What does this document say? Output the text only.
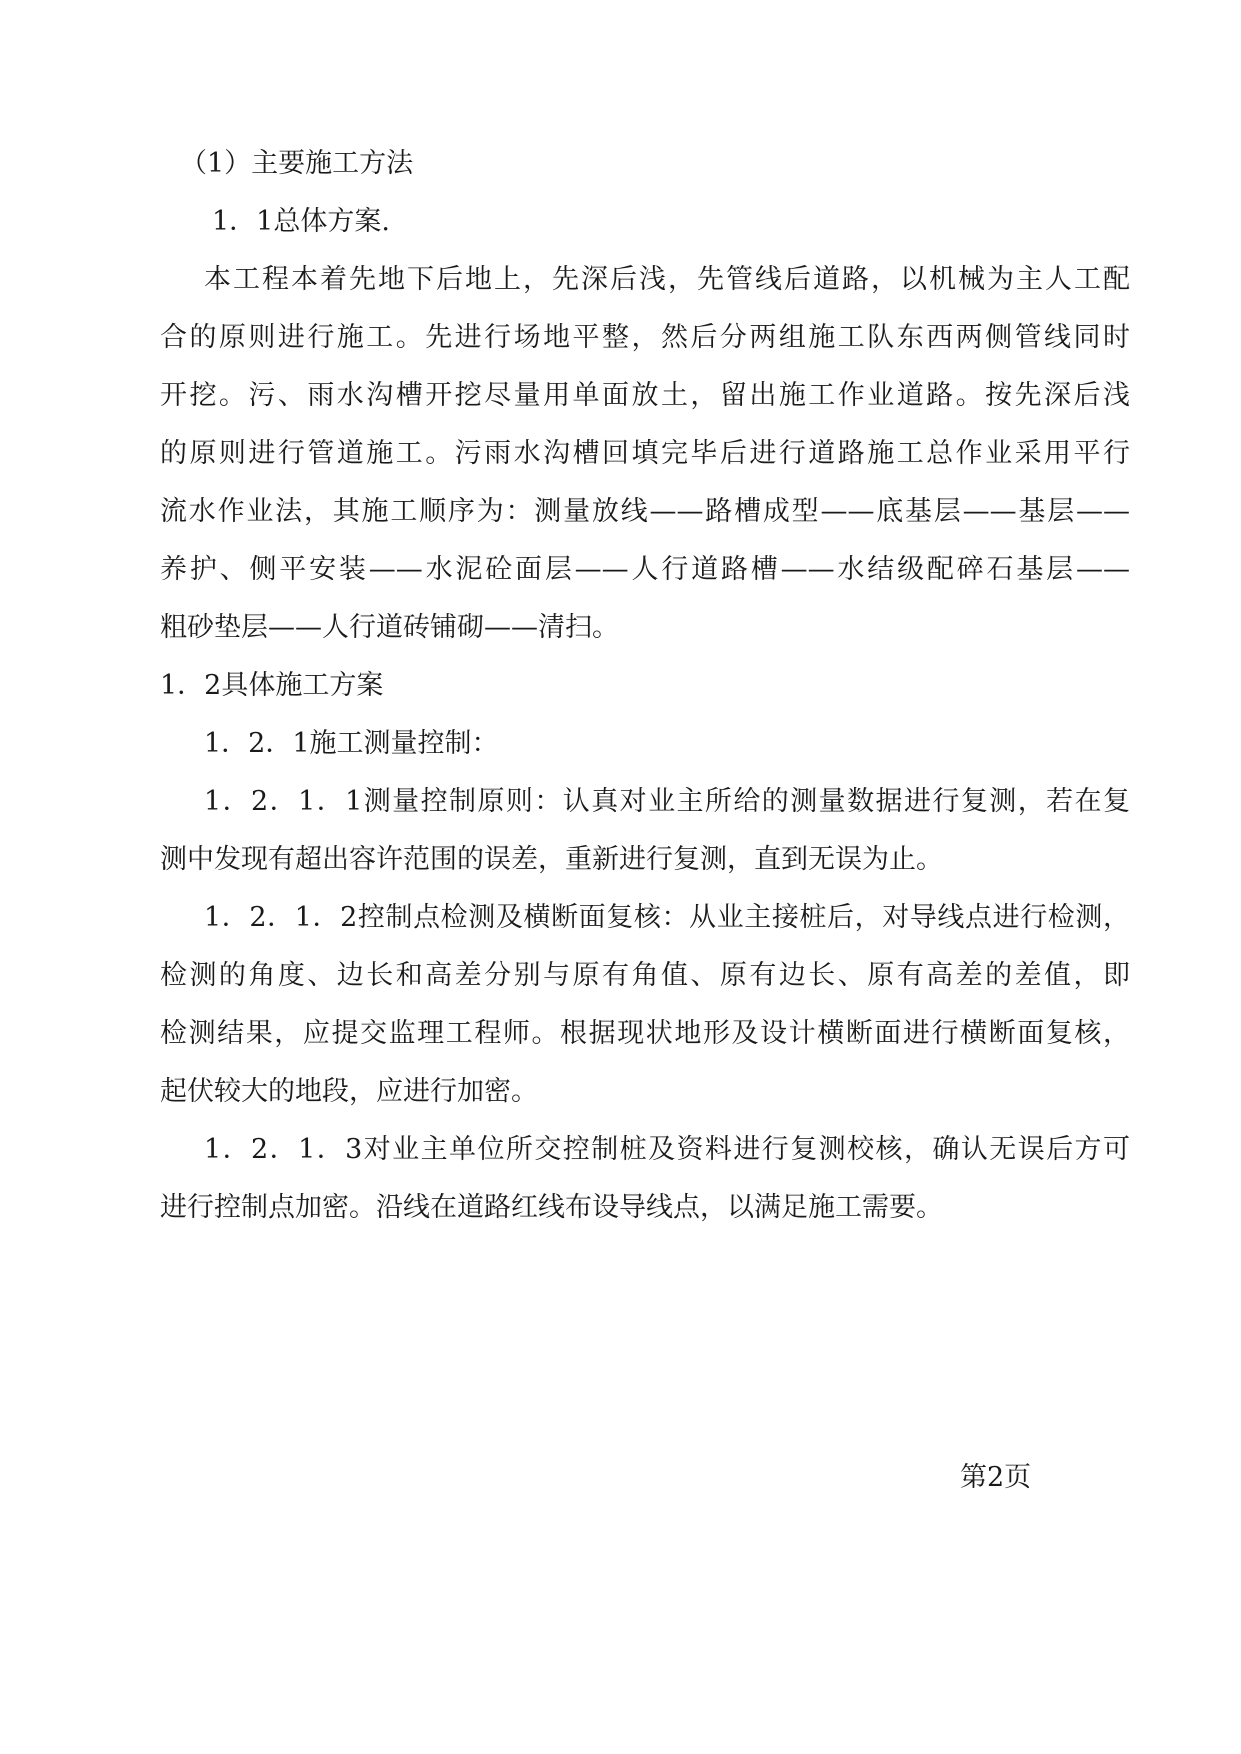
（1）主要施工方法
1．1总体方案.
本工程本着先地下后地上，先深后浅，先管线后道路，以机械为主人工配
合的原则进行施工。先进行场地平整，然后分两组施工队东西两侧管线同时
开挖。污、雨水沟槽开挖尽量用单面放土，留出施工作业道路。按先深后浅
的原则进行管道施工。污雨水沟槽回填完毕后进行道路施工总作业采用平行
流水作业法，其施工顺序为：测量放线——路槽成型——底基层——基层——
养护、侧平安装——水泥砼面层——人行道路槽——水结级配碎石基层——
粗砂垫层——人行道砖铺砌——清扫。
1．2具体施工方案
1．2．1施工测量控制：
1．2．1．1测量控制原则：认真对业主所给的测量数据进行复测，若在复
测中发现有超出容许范围的误差，重新进行复测，直到无误为止。
1．2．1．2控制点检测及横断面复核：从业主接桩后，对导线点进行检测，
检测的角度、边长和高差分别与原有角值、原有边长、原有高差的差值，即
检测结果，应提交监理工程师。根据现状地形及设计横断面进行横断面复核，
起伏较大的地段，应进行加密。
1．2．1．3对业主单位所交控制桩及资料进行复测校核，确认无误后方可
进行控制点加密。沿线在道路红线布设导线点，以满足施工需要。
第2页
